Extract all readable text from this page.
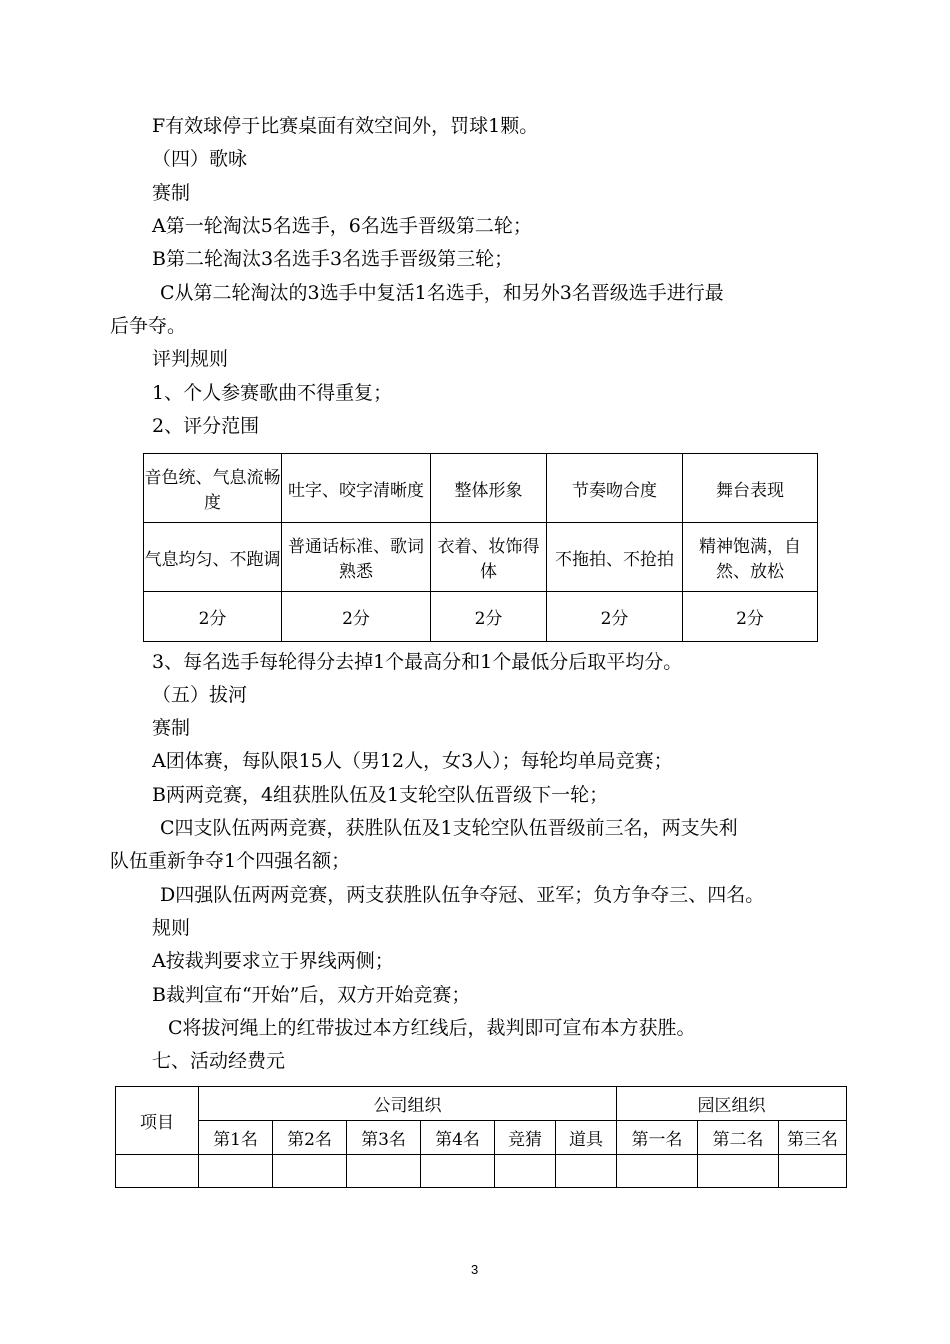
F有效球停于比赛桌面有效空间外，罚球1颗。
（四）歌咏
赛制
A第一轮淘汰5名选手，6名选手晋级第二轮；
B第二轮淘汰3名选手3名选手晋级第三轮；
C从第二轮淘汰的3选手中复活1名选手，和另外3名晋级选手进行最
后争夺。
评判规则
1、个人参赛歌曲不得重复；
2、评分范围
音色统、气息流畅度	吐字、咬字清晰度	整体形象	节奏吻合度	舞台表现
气息均匀、不跑调	普通话标准、歌词熟悉	衣着、妆饰得体	不拖拍、不抢拍	精神饱满，自然、放松
2分	2分	2分	2分	2分
3、每名选手每轮得分去掉1个最高分和1个最低分后取平均分。
（五）拔河
赛制
A团体赛，每队限15人（男12人，女3人）；每轮均单局竞赛；
B两两竞赛，4组获胜队伍及1支轮空队伍晋级下一轮；
C四支队伍两两竞赛，获胜队伍及1支轮空队伍晋级前三名，两支失利
队伍重新争夺1个四强名额；
D四强队伍两两竞赛，两支获胜队伍争夺冠、亚军；负方争夺三、四名。
规则
A按裁判要求立于界线两侧；
B裁判宣布“开始”后，双方开始竞赛；
C将拔河绳上的红带拔过本方红线后，裁判即可宣布本方获胜。
七、活动经费元
项目	公司组织						园区组织		
	第1名	第2名	第3名	第4名	竞猜	道具	第一名	第二名	第三名

3
